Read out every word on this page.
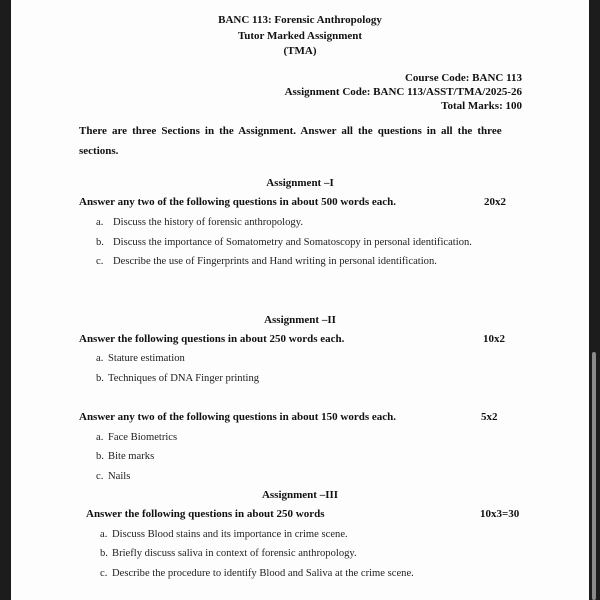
BANC 113: Forensic Anthropology
Tutor Marked Assignment
(TMA)
Course Code: BANC 113
Assignment Code: BANC 113/ASST/TMA/2025-26
Total Marks: 100
There are three Sections in the Assignment. Answer all the questions in all the three
sections.
Assignment –I
Answer any two of the following questions in about 500 words each.	20x2
a. Discuss the history of forensic anthropology.
b. Discuss the importance of Somatometry and Somatoscopy in personal identification.
c. Describe the use of Fingerprints and Hand writing in personal identification.
Assignment –II
Answer the following questions in about 250 words each.	10x2
a. Stature estimation
b. Techniques of DNA Finger printing
Answer any two of the following questions in about 150 words each.	5x2
a. Face Biometrics
b. Bite marks
c. Nails
Assignment –III
Answer the following questions in about 250 words	10x3=30
a. Discuss Blood stains and its importance in crime scene.
b. Briefly discuss saliva in context of forensic anthropology.
c. Describe the procedure to identify Blood and Saliva at the crime scene.
